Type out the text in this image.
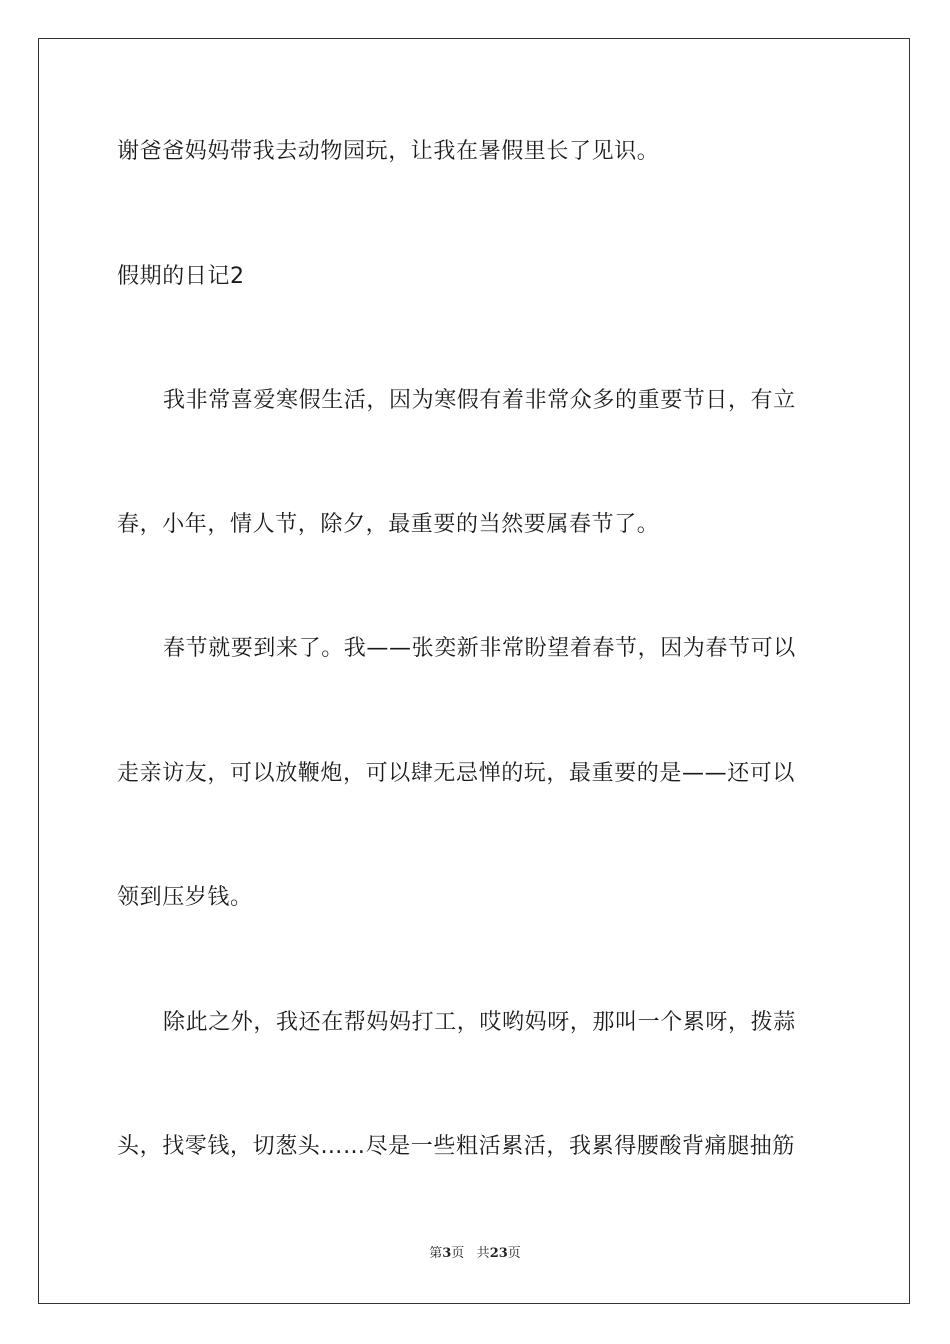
谢爸爸妈妈带我去动物园玩，让我在暑假里长了见识。
假期的日记2
我非常喜爱寒假生活，因为寒假有着非常众多的重要节日，有立
春，小年，情人节，除夕，最重要的当然要属春节了。
春节就要到来了。我——张奕新非常盼望着春节，因为春节可以
走亲访友，可以放鞭炮，可以肆无忌惮的玩，最重要的是——还可以
领到压岁钱。
除此之外，我还在帮妈妈打工，哎哟妈呀，那叫一个累呀，拨蒜
头，找零钱，切葱头……尽是一些粗活累活，我累得腰酸背痛腿抽筋
第3页 共23页
